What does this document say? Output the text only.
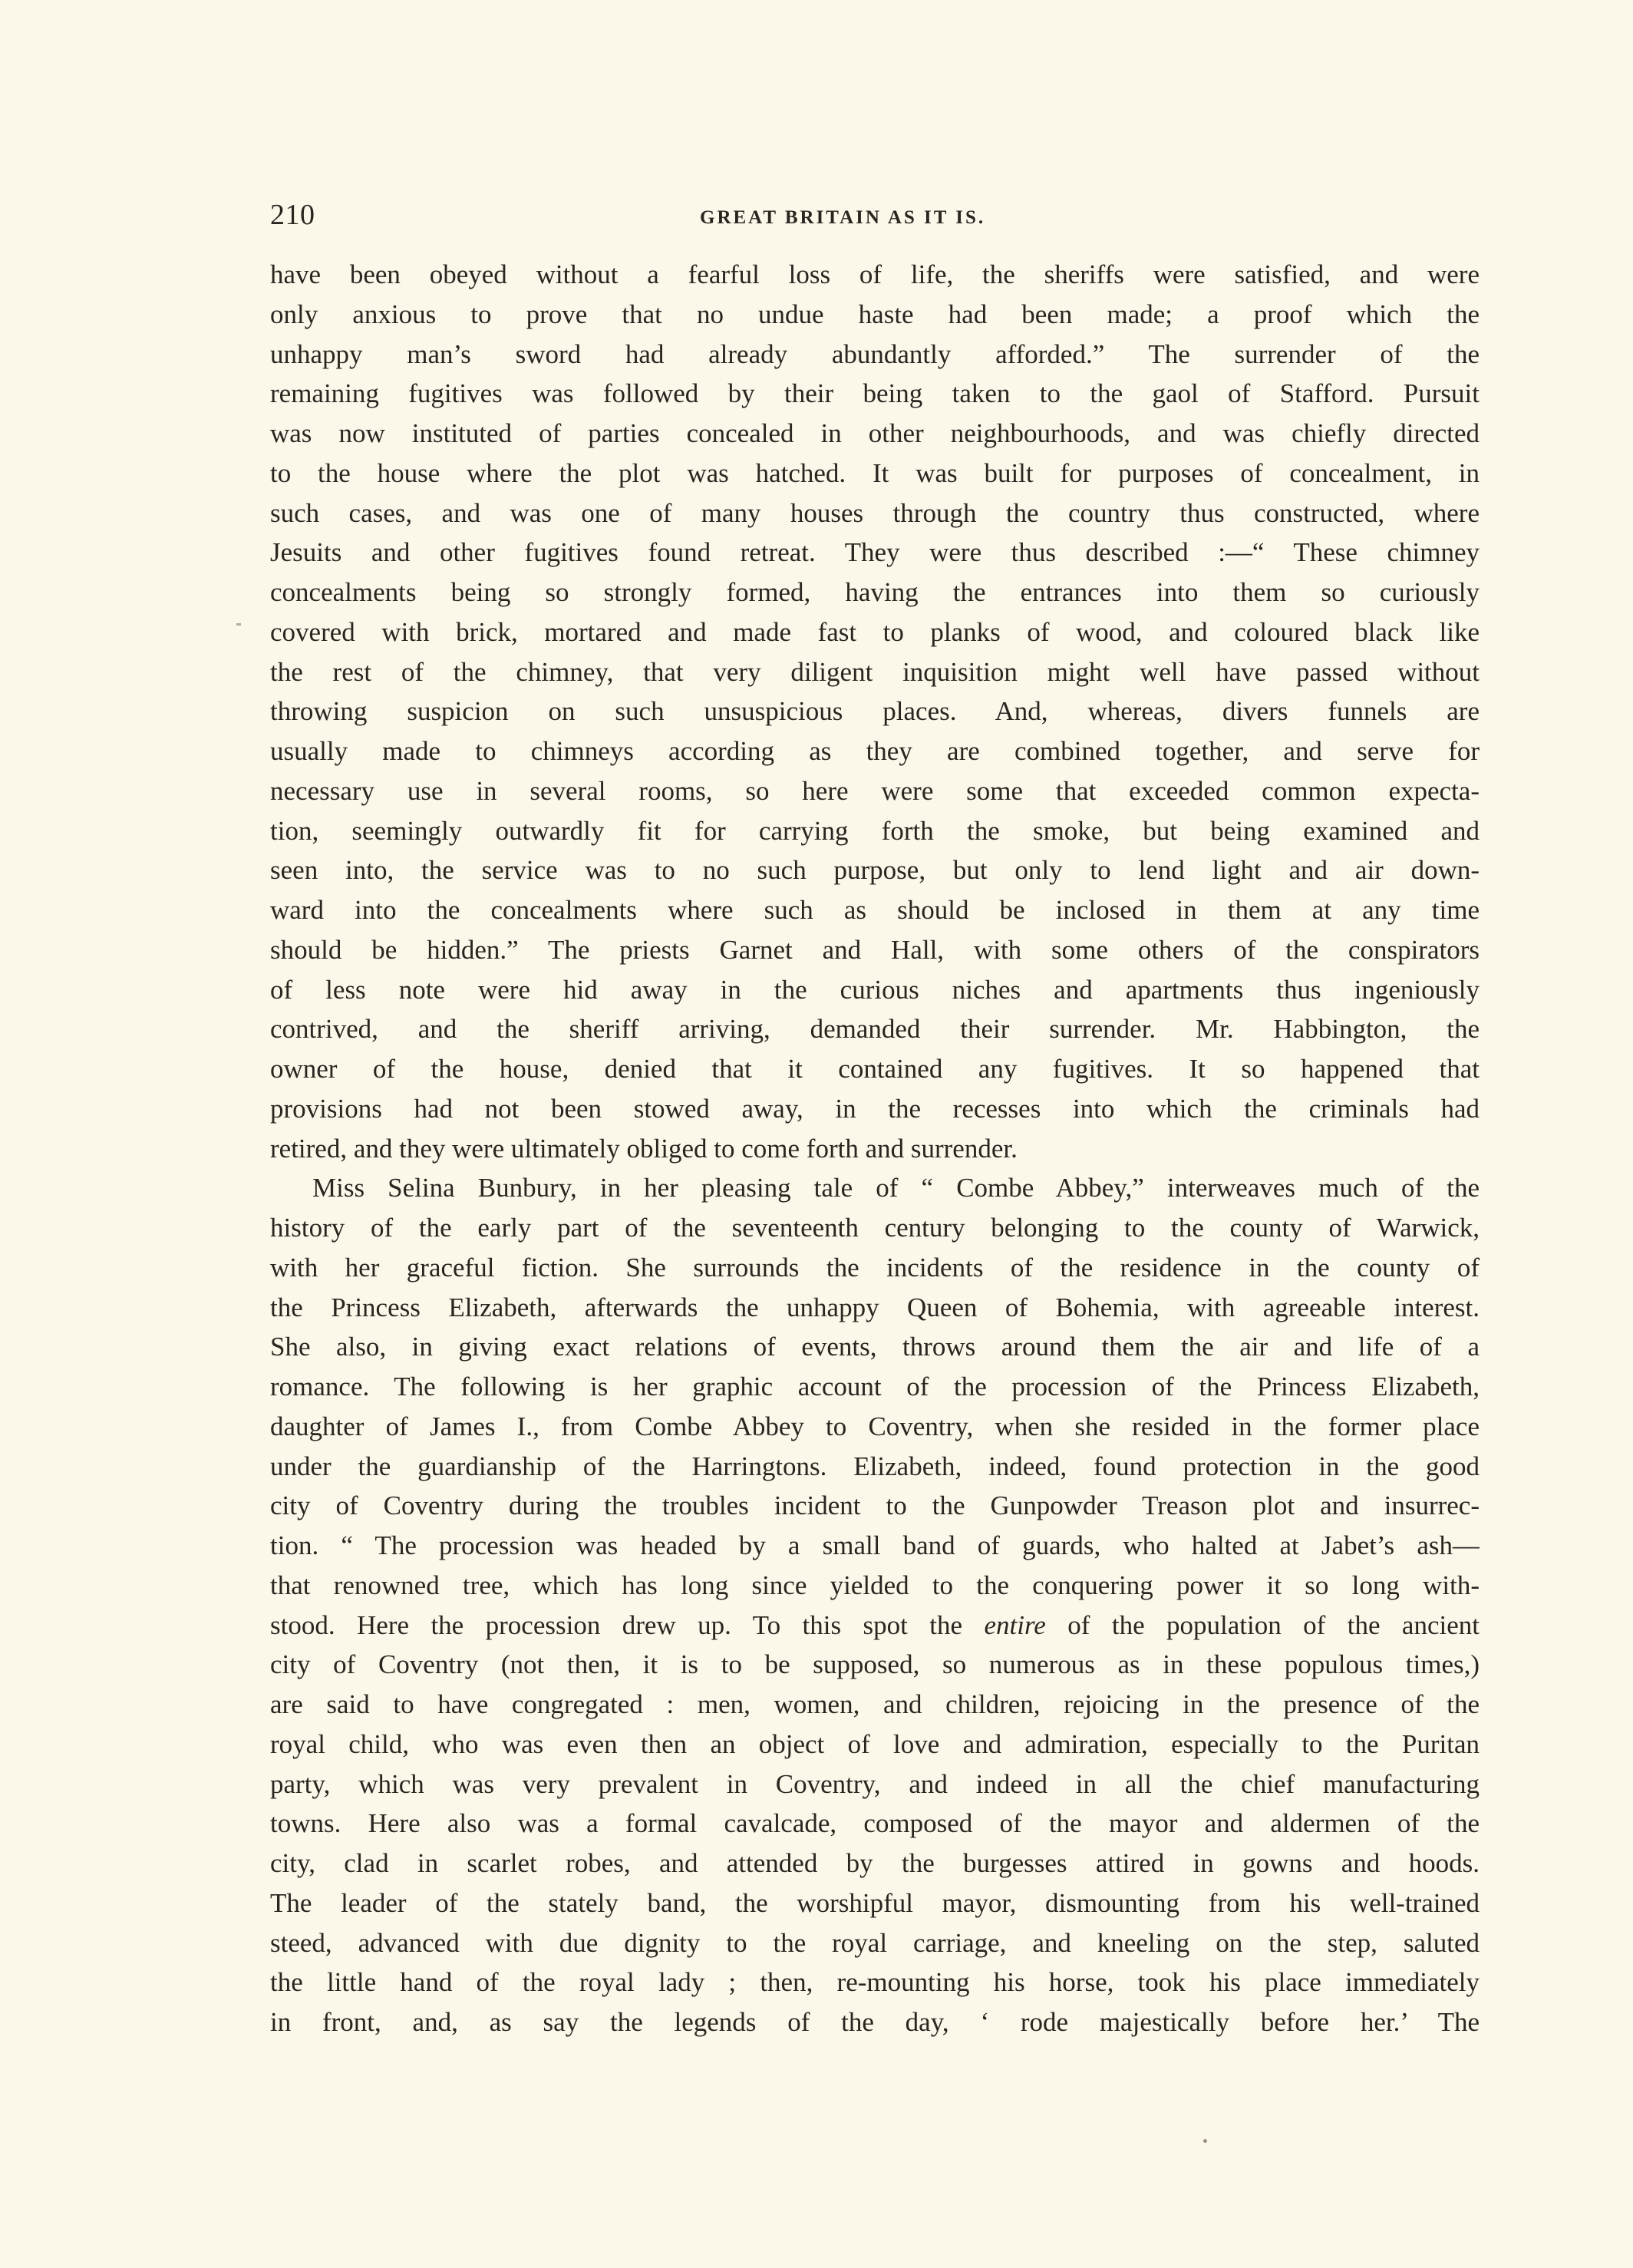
210	GREAT BRITAIN AS IT IS.
have been obeyed without a fearful loss of life, the sheriffs were satisfied, and were
only anxious to prove that no undue haste had been made; a proof which the
unhappy man’s sword had already abundantly afforded.” The surrender of the
remaining fugitives was followed by their being taken to the gaol of Stafford. Pursuit
was now instituted of parties concealed in other neighbourhoods, and was chiefly directed
to the house where the plot was hatched. It was built for purposes of concealment, in
such cases, and was one of many houses through the country thus constructed, where
Jesuits and other fugitives found retreat. They were thus described :—“ These chimney
concealments being so strongly formed, having the entrances into them so curiously
covered with brick, mortared and made fast to planks of wood, and coloured black like
the rest of the chimney, that very diligent inquisition might well have passed without
throwing suspicion on such unsuspicious places. And, whereas, divers funnels are
usually made to chimneys according as they are combined together, and serve for
necessary use in several rooms, so here were some that exceeded common expecta-
tion, seemingly outwardly fit for carrying forth the smoke, but being examined and
seen into, the service was to no such purpose, but only to lend light and air down-
ward into the concealments where such as should be inclosed in them at any time
should be hidden.” The priests Garnet and Hall, with some others of the conspirators
of less note were hid away in the curious niches and apartments thus ingeniously
contrived, and the sheriff arriving, demanded their surrender. Mr. Habbington, the
owner of the house, denied that it contained any fugitives. It so happened that
provisions had not been stowed away, in the recesses into which the criminals had
retired, and they were ultimately obliged to come forth and surrender.
Miss Selina Bunbury, in her pleasing tale of “ Combe Abbey,” interweaves much of the
history of the early part of the seventeenth century belonging to the county of Warwick,
with her graceful fiction. She surrounds the incidents of the residence in the county of
the Princess Elizabeth, afterwards the unhappy Queen of Bohemia, with agreeable interest.
She also, in giving exact relations of events, throws around them the air and life of a
romance. The following is her graphic account of the procession of the Princess Elizabeth,
daughter of James I., from Combe Abbey to Coventry, when she resided in the former place
under the guardianship of the Harringtons. Elizabeth, indeed, found protection in the good
city of Coventry during the troubles incident to the Gunpowder Treason plot and insurrec-
tion. “ The procession was headed by a small band of guards, who halted at Jabet’s ash—
that renowned tree, which has long since yielded to the conquering power it so long with-
stood. Here the procession drew up. To this spot the entire of the population of the ancient
city of Coventry (not then, it is to be supposed, so numerous as in these populous times,)
are said to have congregated : men, women, and children, rejoicing in the presence of the
royal child, who was even then an object of love and admiration, especially to the Puritan
party, which was very prevalent in Coventry, and indeed in all the chief manufacturing
towns. Here also was a formal cavalcade, composed of the mayor and aldermen of the
city, clad in scarlet robes, and attended by the burgesses attired in gowns and hoods.
The leader of the stately band, the worshipful mayor, dismounting from his well-trained
steed, advanced with due dignity to the royal carriage, and kneeling on the step, saluted
the little hand of the royal lady ; then, re-mounting his horse, took his place immediately
in front, and, as say the legends of the day, ‘ rode majestically before her.’ The
